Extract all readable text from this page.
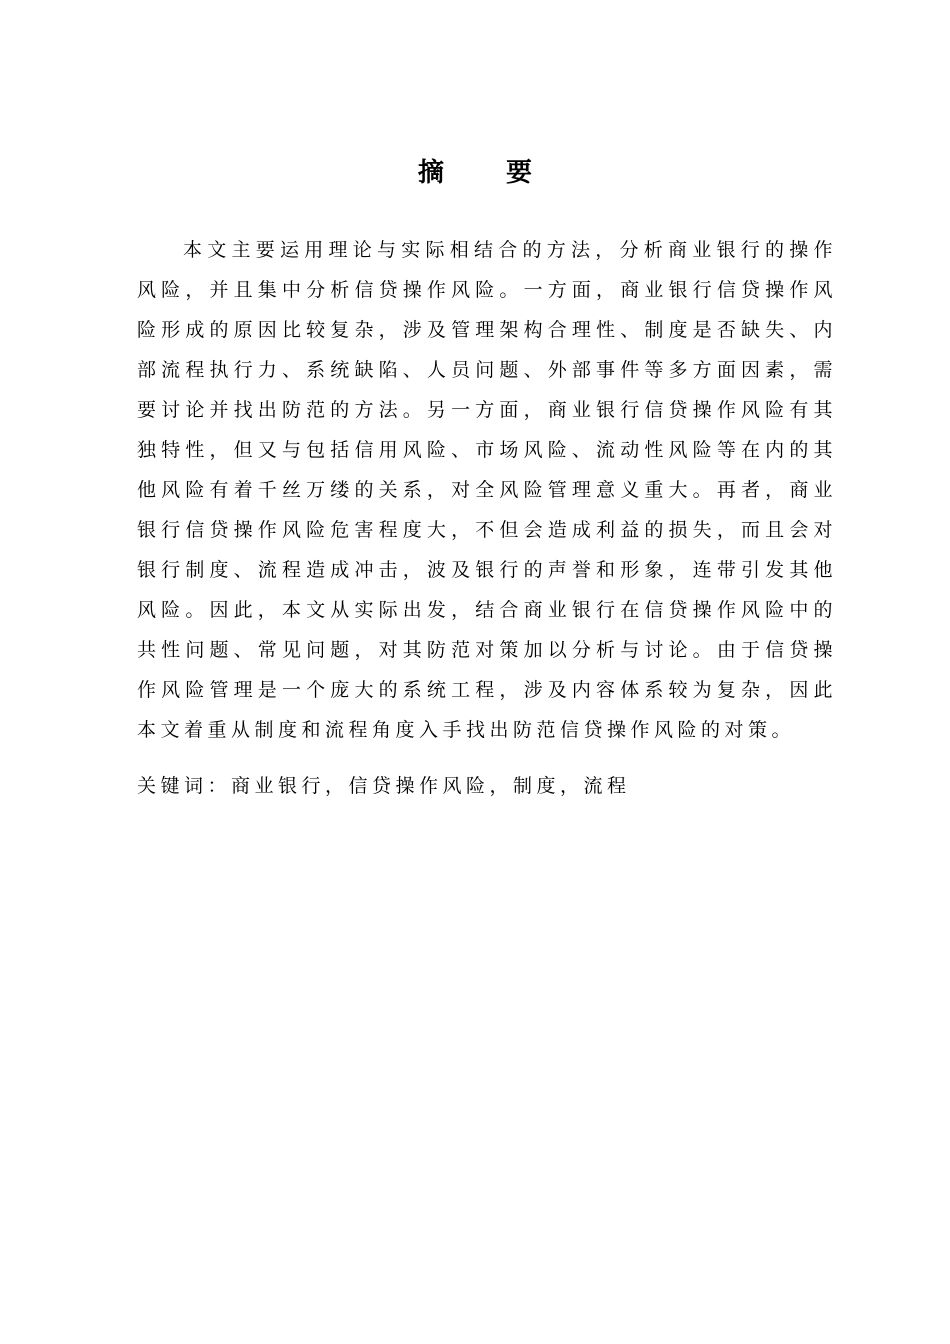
摘要

本文主要运用理论与实际相结合的方法，分析商业银行的操作风险，并且集中分析信贷操作风险。一方面，商业银行信贷操作风险形成的原因比较复杂，涉及管理架构合理性、制度是否缺失、内部流程执行力、系统缺陷、人员问题、外部事件等多方面因素，需要讨论并找出防范的方法。另一方面，商业银行信贷操作风险有其独特性，但又与包括信用风险、市场风险、流动性风险等在内的其他风险有着千丝万缕的关系，对全风险管理意义重大。再者，商业银行信贷操作风险危害程度大，不但会造成利益的损失，而且会对银行制度、流程造成冲击，波及银行的声誉和形象，连带引发其他风险。因此，本文从实际出发，结合商业银行在信贷操作风险中的共性问题、常见问题，对其防范对策加以分析与讨论。由于信贷操作风险管理是一个庞大的系统工程，涉及内容体系较为复杂，因此本文着重从制度和流程角度入手找出防范信贷操作风险的对策。

关键词：商业银行，信贷操作风险，制度，流程
